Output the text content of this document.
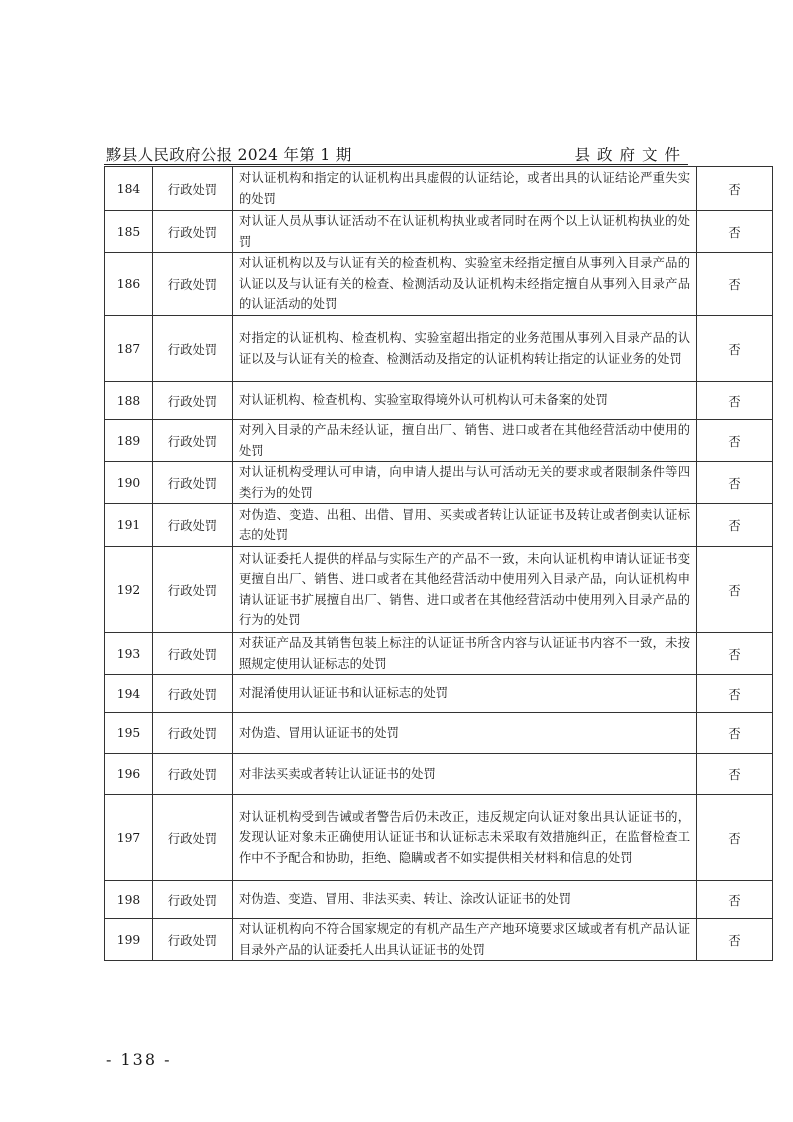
黟县人民政府公报 2024 年第 1 期	县政府文件
184	行政处罚	对认证机构和指定的认证机构出具虚假的认证结论，或者出具的认证结论严重失实的处罚	否
185	行政处罚	对认证人员从事认证活动不在认证机构执业或者同时在两个以上认证机构执业的处罚	否
186	行政处罚	对认证机构以及与认证有关的检查机构、实验室未经指定擅自从事列入目录产品的认证以及与认证有关的检查、检测活动及认证机构未经指定擅自从事列入目录产品的认证活动的处罚	否
187	行政处罚	对指定的认证机构、检查机构、实验室超出指定的业务范围从事列入目录产品的认证以及与认证有关的检查、检测活动及指定的认证机构转让指定的认证业务的处罚	否
188	行政处罚	对认证机构、检查机构、实验室取得境外认可机构认可未备案的处罚	否
189	行政处罚	对列入目录的产品未经认证，擅自出厂、销售、进口或者在其他经营活动中使用的处罚	否
190	行政处罚	对认证机构受理认可申请，向申请人提出与认可活动无关的要求或者限制条件等四类行为的处罚	否
191	行政处罚	对伪造、变造、出租、出借、冒用、买卖或者转让认证证书及转让或者倒卖认证标志的处罚	否
192	行政处罚	对认证委托人提供的样品与实际生产的产品不一致，未向认证机构申请认证证书变更擅自出厂、销售、进口或者在其他经营活动中使用列入目录产品，向认证机构申请认证证书扩展擅自出厂、销售、进口或者在其他经营活动中使用列入目录产品的行为的处罚	否
193	行政处罚	对获证产品及其销售包装上标注的认证证书所含内容与认证证书内容不一致，未按照规定使用认证标志的处罚	否
194	行政处罚	对混淆使用认证证书和认证标志的处罚	否
195	行政处罚	对伪造、冒用认证证书的处罚	否
196	行政处罚	对非法买卖或者转让认证证书的处罚	否
197	行政处罚	对认证机构受到告诫或者警告后仍未改正，违反规定向认证对象出具认证证书的，发现认证对象未正确使用认证证书和认证标志未采取有效措施纠正，在监督检查工作中不予配合和协助，拒绝、隐瞒或者不如实提供相关材料和信息的处罚	否
198	行政处罚	对伪造、变造、冒用、非法买卖、转让、涂改认证证书的处罚	否
199	行政处罚	对认证机构向不符合国家规定的有机产品生产产地环境要求区域或者有机产品认证目录外产品的认证委托人出具认证证书的处罚	否
- 138 -
